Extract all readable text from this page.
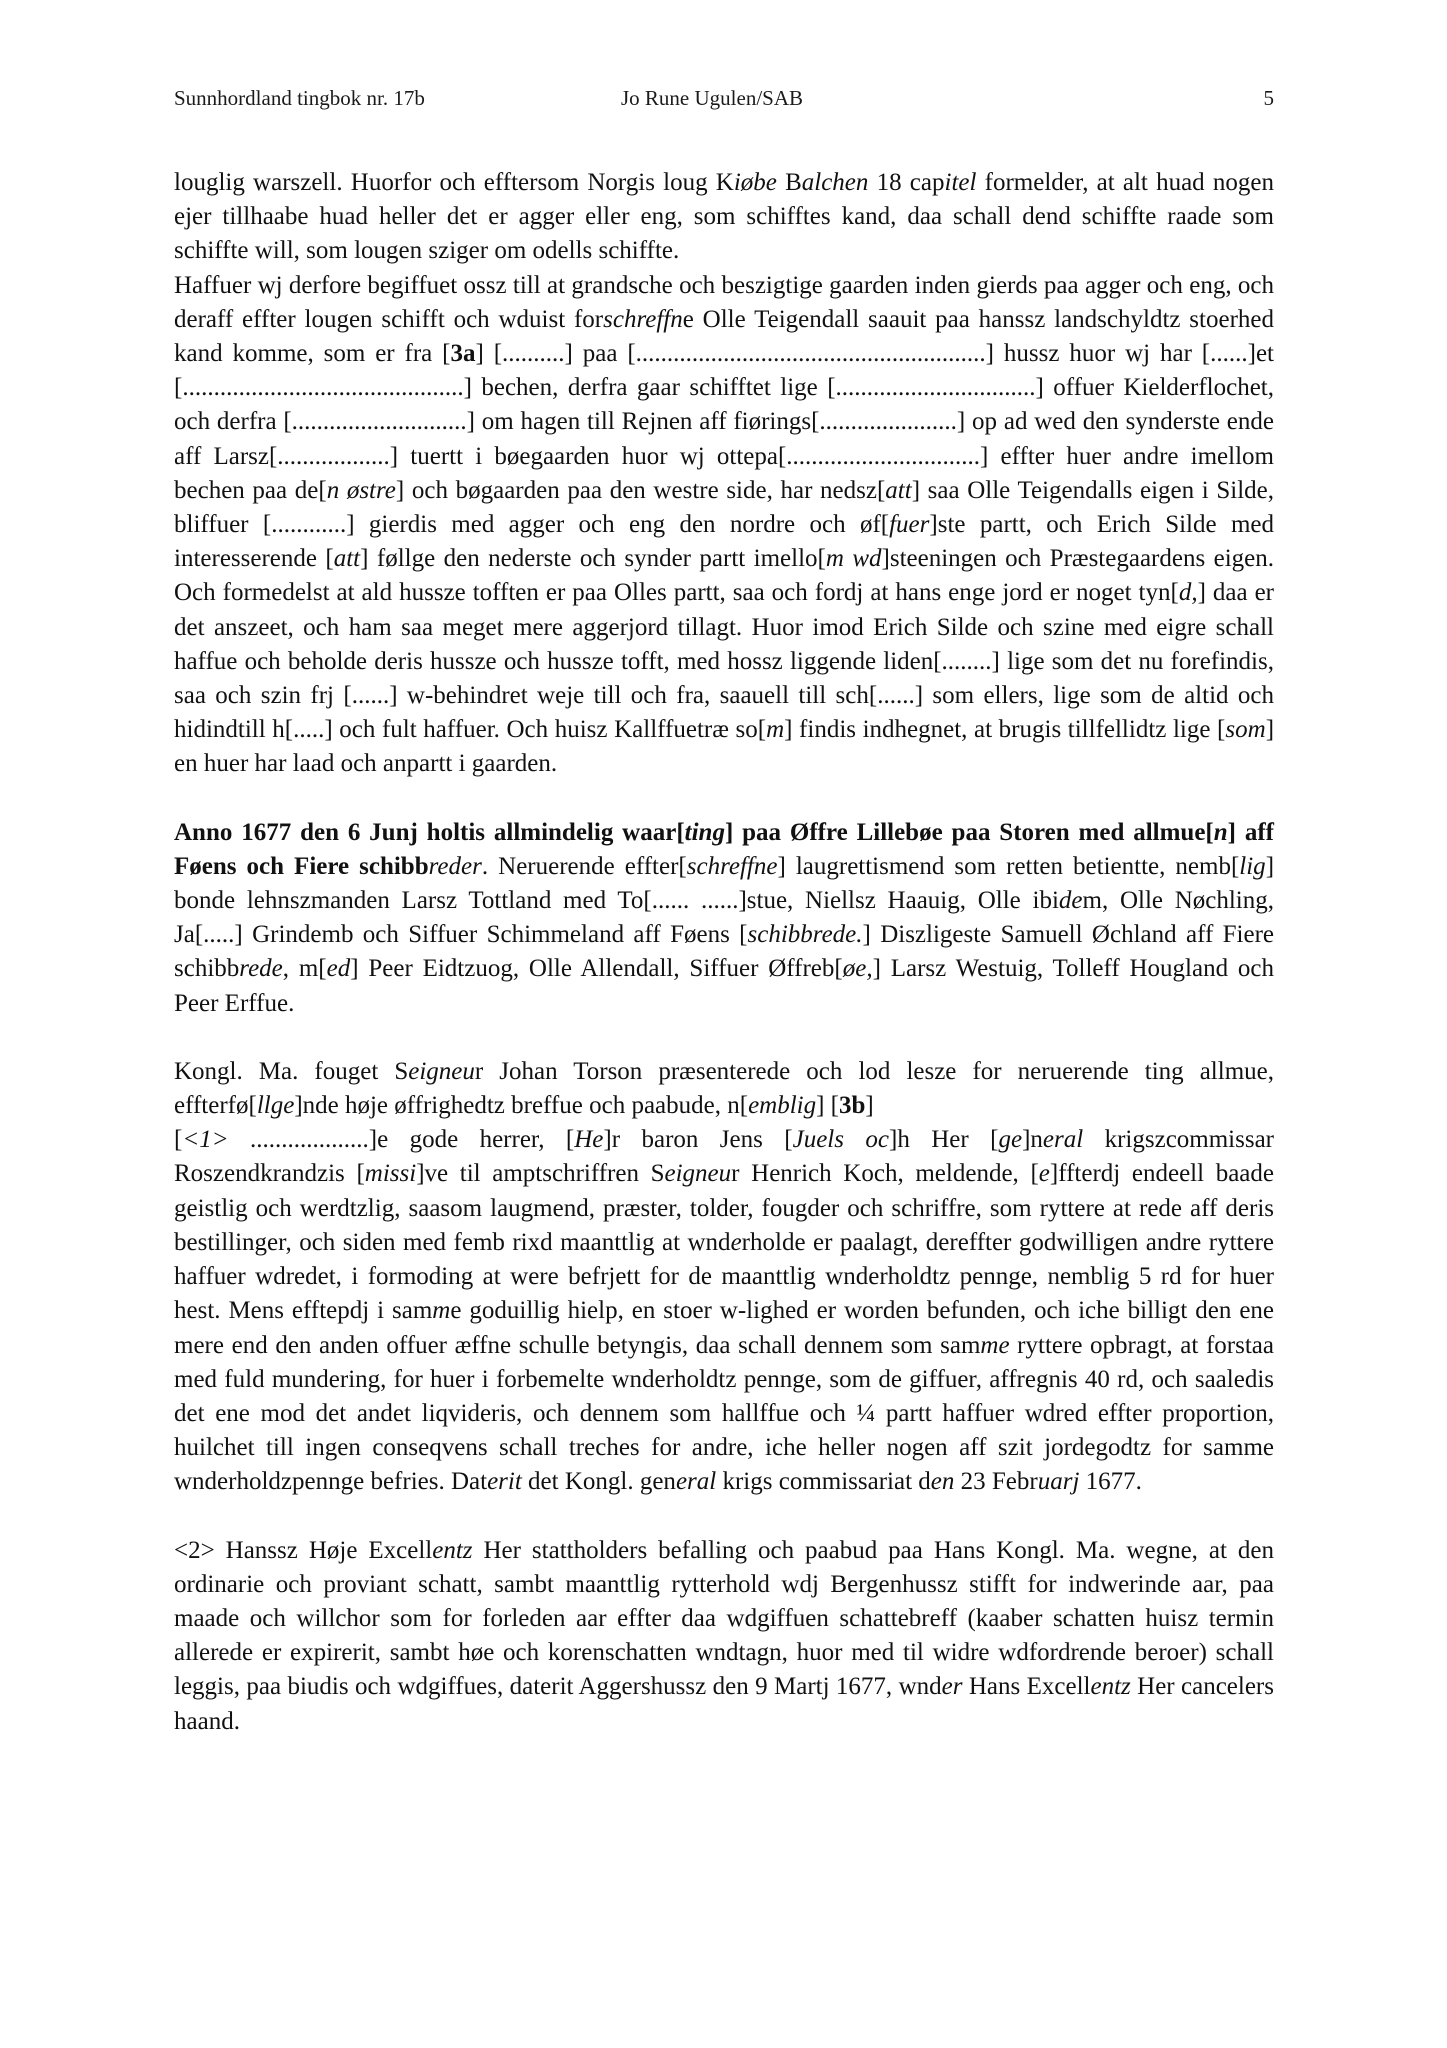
Sunnhordland tingbok nr. 17b	Jo Rune Ugulen/SAB	5

louglig warszell. Huorfor och efftersom Norgis loug Kiøbe Balchen 18 capitel formelder, at alt huad nogen ejer tillhaabe huad heller det er agger eller eng, som schifftes kand, daa schall dend schiffte raade som schiffte will, som lougen sziger om odells schiffte.

Haffuer wj derfore begiffuet ossz till at grandsche och beszigtige gaarden inden gierds paa agger och eng, och deraff effter lougen schifft och wduist forschreffne Olle Teigendall saauit paa hanssz landschyldtz stoerhed kand komme, som er fra [3a] [..........] paa [........................................................] hussz huor wj har [......]et [.............................................] bechen, derfra gaar schifftet lige [................................] offuer Kielderflochet, och derfra [............................] om hagen till Rejnen aff fiørings[......................] op ad wed den synderste ende aff Larsz[..................] tuertt i bøegaarden huor wj ottepa[...............................] effter huer andre imellom bechen paa de[n østre] och bøgaarden paa den westre side, har nedsz[att] saa Olle Teigendalls eigen i Silde, bliffuer [............] gierdis med agger och eng den nordre och øf[fuer]ste partt, och Erich Silde med interesserende [att] føllge den nederste och synder partt imello[m wd]steeningen och Præstegaardens eigen. Och formedelst at ald hussze tofften er paa Olles partt, saa och fordj at hans enge jord er noget tyn[d,] daa er det anszeet, och ham saa meget mere aggerjord tillagt. Huor imod Erich Silde och szine med eigre schall haffue och beholde deris hussze och hussze tofft, med hossz liggende liden[........] lige som det nu forefindis, saa och szin frj [......] w-behindret weje till och fra, saauell till sch[......] som ellers, lige som de altid och hidindtill h[.....] och fult haffuer. Och huisz Kallffuetræ so[m] findis indhegnet, at brugis tillfellidtz lige [som] en huer har laad och anpartt i gaarden.

Anno 1677 den 6 Junj holtis allmindelig waar[ting] paa Øffre Lillebøe paa Storen med allmue[n] aff Føens och Fiere schibbreder. Neruerende effter[schreffne] laugrettismend som retten betientte, nemb[lig] bonde lehnszmanden Larsz Tottland med To[...... ......]stue, Niellsz Haauig, Olle ibidem, Olle Nøchling, Ja[.....] Grindemb och Siffuer Schimmeland aff Føens [schibbrede.] Diszligeste Samuell Øchland aff Fiere schibbrede, m[ed] Peer Eidtzuog, Olle Allendall, Siffuer Øffreb[øe,] Larsz Westuig, Tolleff Hougland och Peer Erffue.

Kongl. Ma. fouget Seigneur Johan Torson præsenterede och lod lesze for neruerende ting allmue, effterfø[llge]nde høje øffrighedtz breffue och paabude, n[emblig] [3b]

[<1> ...................]e gode herrer, [He]r baron Jens [Juels oc]h Her [ge]neral krigszcommissar Roszendkrandzis [missi]ve til amptschriffren Seigneur Henrich Koch, meldende, [e]ffterdj endeell baade geistlig och werdtzlig, saasom laugmend, præster, tolder, fougder och schriffre, som ryttere at rede aff deris bestillinger, och siden med femb rixd maanttlig at wnderholde er paalagt, dereffter godwilligen andre ryttere haffuer wdredet, i formoding at were befrjett for de maanttlig wnderholdtz pennge, nemblig 5 rd for huer hest. Mens efftерdj i samme goduillig hielp, en stoer w-lighed er worden befunden, och iche billigt den ene mere end den anden offuer æffne schulle betyngis, daa schall dennem som samme ryttere opbragt, at forstaa med fuld mundering, for huer i forbemelte wnderholdtz pennge, som de giffuer, affregnis 40 rd, och saaledis det ene mod det andet liqvideris, och dennem som hallffue och ¼ partt haffuer wdred effter proportion, huilchet till ingen conseqvens schall treches for andre, iche heller nogen aff szit jordegodtz for samme wnderholdzpennge befries. Daterit det Kongl. general krigs commissariat den 23 Februarj 1677.

<2> Hanssz Høje Excellentz Her stattholders befalling och paabud paa Hans Kongl. Ma. wegne, at den ordinarie och proviant schatt, sambt maanttlig rytterhold wdj Bergenhussz stifft for indwerinde aar, paa maade och willchor som for forleden aar effter daa wdgiffuen schattebreff (kaaber schatten huisz termin allerede er expirerit, sambt høe och korenschatten wndtagn, huor med til widre wdfordrende beroer) schall leggis, paa biudis och wdgiffues, daterit Aggershussz den 9 Martj 1677, wnder Hans Excellentz Her cancelers haand.
